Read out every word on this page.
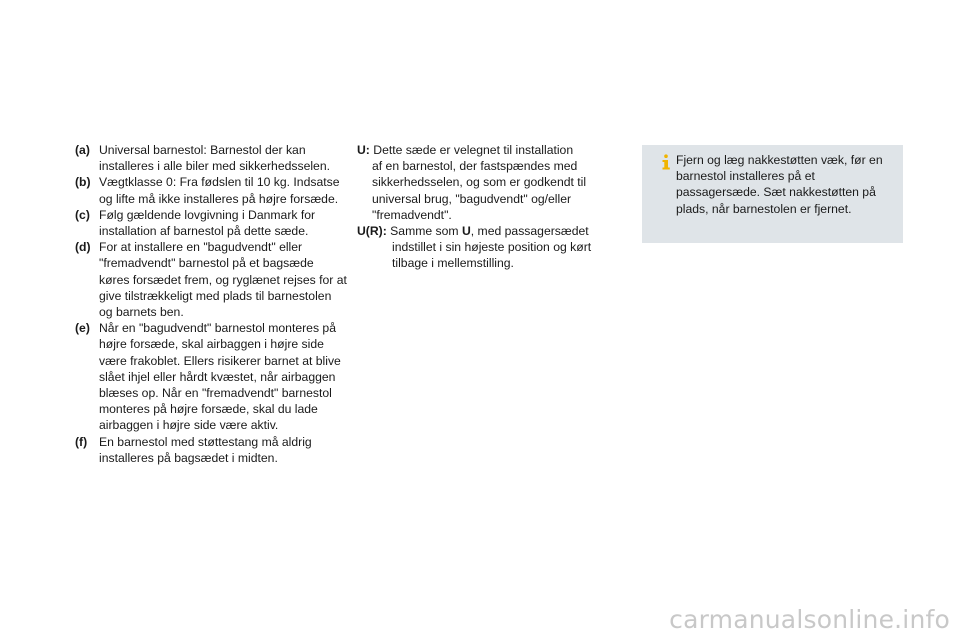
(a) Universal barnestol: Barnestol der kan installeres i alle biler med sikkerhedsselen.
(b) Vægtklasse 0: Fra fødslen til 10 kg. Indsatse og lifte må ikke installeres på højre forsæde.
(c) Følg gældende lovgivning i Danmark for installation af barnestol på dette sæde.
(d) For at installere en "bagudvendt" eller "fremadvendt" barnestol på et bagsæde køres forsædet frem, og ryglænet rejses for at give tilstrækkeligt med plads til barnestolen og barnets ben.
(e) Når en "bagudvendt" barnestol monteres på højre forsæde, skal airbaggen i højre side være frakoblet. Ellers risikerer barnet at blive slået ihjel eller hårdt kvæstet, når airbaggen blæses op. Når en "fremadvendt" barnestol monteres på højre forsæde, skal du lade airbaggen i højre side være aktiv.
(f) En barnestol med støttestang må aldrig installeres på bagsædet i midten.
U: Dette sæde er velegnet til installation
af en barnestol, der fastspændes med sikkerhedsselen, og som er godkendt til universal brug, "bagudvendt" og/eller "fremadvendt".
U(R): Samme som U, med passagersædet
indstillet i sin højeste position og kørt tilbage i mellemstilling.
Fjern og læg nakkestøtten væk, før en barnestol installeres på et passagersæde. Sæt nakkestøtten på plads, når barnestolen er fjernet.
carmanualsonline.info
